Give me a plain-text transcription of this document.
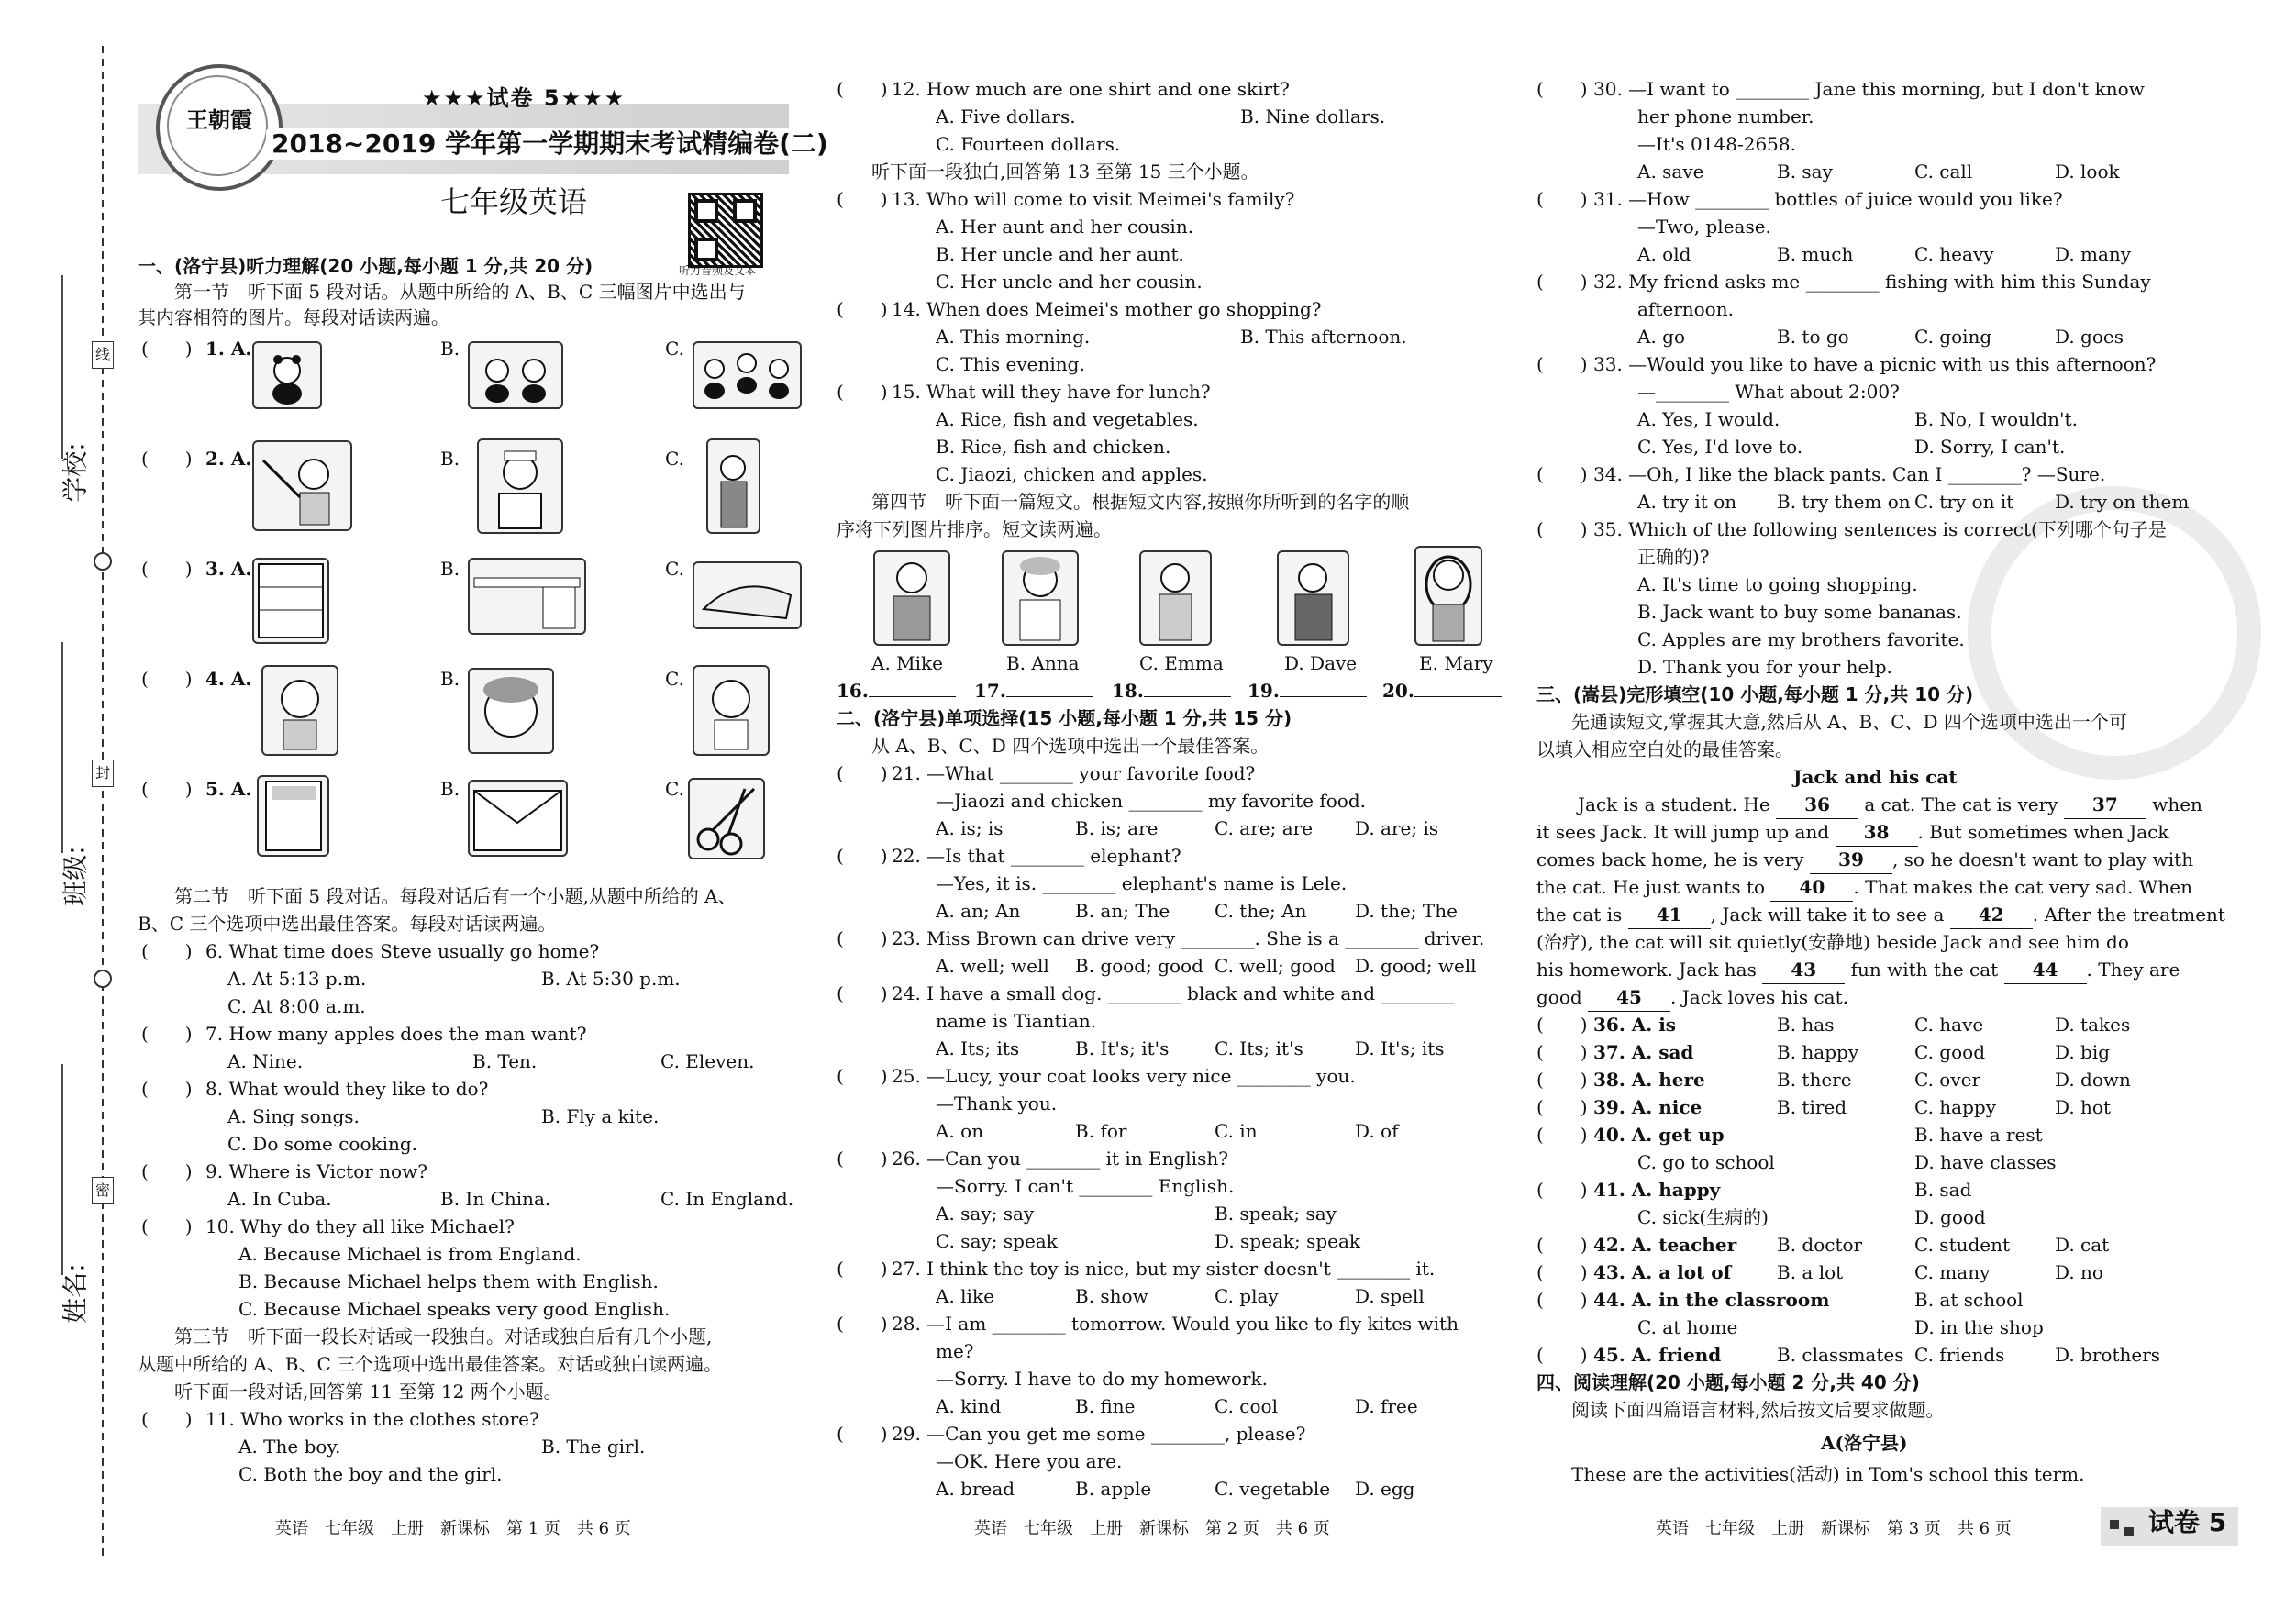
学校:
班级:
姓名:
线
封
密
王朝霞
★★★试卷 5★★★
2018~2019 学年第一学期期末考试精编卷(二)
七年级英语
听力音频及文本
一、(洛宁县)听力理解(20 小题,每小题 1 分,共 20 分)
第一节　听下面 5 段对话。从题中所给的 A、B、C 三幅图片中选出与
其内容相符的图片。每段对话读两遍。
(　　) 1. A.	B.	C.
(　　) 2. A.	B.	C.
(　　) 3. A.	B.	C.
(　　) 4. A.	B.	C.
(　　) 5. A.	B.	C.
第二节　听下面 5 段对话。每段对话后有一个小题,从题中所给的 A、
B、C 三个选项中选出最佳答案。每段对话读两遍。
(　　) 6. What time does Steve usually go home?
A. At 5:13 p.m.	B. At 5:30 p.m.
C. At 8:00 a.m.
(　　) 7. How many apples does the man want?
A. Nine.	B. Ten.	C. Eleven.
(　　) 8. What would they like to do?
A. Sing songs.	B. Fly a kite.
C. Do some cooking.
(　　) 9. Where is Victor now?
A. In Cuba.	B. In China.	C. In England.
(　　) 10. Why do they all like Michael?
A. Because Michael is from England.
B. Because Michael helps them with English.
C. Because Michael speaks very good English.
第三节　听下面一段长对话或一段独白。对话或独白后有几个小题,
从题中所给的 A、B、C 三个选项中选出最佳答案。对话或独白读两遍。
听下面一段对话,回答第 11 至第 12 两个小题。
(　　) 11. Who works in the clothes store?
A. The boy.	B. The girl.
C. Both the boy and the girl.
英语　七年级　上册　新课标　第 1 页　共 6 页
(　　) 12. How much are one shirt and one skirt?
A. Five dollars.	B. Nine dollars.
C. Fourteen dollars.
听下面一段独白,回答第 13 至第 15 三个小题。
(　　) 13. Who will come to visit Meimei's family?
A. Her aunt and her cousin.
B. Her uncle and her aunt.
C. Her uncle and her cousin.
(　　) 14. When does Meimei's mother go shopping?
A. This morning.	B. This afternoon.
C. This evening.
(　　) 15. What will they have for lunch?
A. Rice, fish and vegetables.
B. Rice, fish and chicken.
C. Jiaozi, chicken and apples.
第四节　听下面一篇短文。根据短文内容,按照你所听到的名字的顺
序将下列图片排序。短文读两遍。
A. Mike	B. Anna	C. Emma	D. Dave	E. Mary
16.	17.	18.	19.	20.
二、(洛宁县)单项选择(15 小题,每小题 1 分,共 15 分)
从 A、B、C、D 四个选项中选出一个最佳答案。
(　　) 21. —What ________ your favorite food?
—Jiaozi and chicken ________ my favorite food.
A. is; is	B. is; are	C. are; are D. are; is
(　　) 22. —Is that ________ elephant?
—Yes, it is. ________ elephant's name is Lele.
A. an; An	B. an; The C. the; An	D. the; The
(　　) 23. Miss Brown can drive very ________. She is a ________ driver.
A. well; well B. good; good C. well; good D. good; well
(　　) 24. I have a small dog. ________ black and white and ________
name is Tiantian.
A. Its; its	B. It's; it's C. Its; it's	D. It's; its
(　　) 25. —Lucy, your coat looks very nice ________ you.
—Thank you.
A. on	B. for	C. in	D. of
(　　) 26. —Can you ________ it in English?
—Sorry. I can't ________ English.
A. say; say	B. speak; say
C. say; speak	D. speak; speak
(　　) 27. I think the toy is nice, but my sister doesn't ________ it.
A. like	B. show	C. play	D. spell
(　　) 28. —I am ________ tomorrow. Would you like to fly kites with
me?
—Sorry. I have to do my homework.
A. kind	B. fine	C. cool	D. free
(　　) 29. —Can you get me some ________, please?
—OK. Here you are.
A. bread	B. apple	C. vegetable D. egg
英语　七年级　上册　新课标　第 2 页　共 6 页
(　　) 30. —I want to ________ Jane this morning, but I don't know
her phone number.
—It's 0148-2658.
A. save	B. say	C. call	D. look
(　　) 31. —How ________ bottles of juice would you like?
—Two, please.
A. old	B. much	C. heavy	D. many
(　　) 32. My friend asks me ________ fishing with him this Sunday
afternoon.
A. go	B. to go	C. going	D. goes
(　　) 33. —Would you like to have a picnic with us this afternoon?
—________ What about 2:00?
A. Yes, I would.	B. No, I wouldn't.
C. Yes, I'd love to.	D. Sorry, I can't.
(　　) 34. —Oh, I like the black pants. Can I ________? —Sure.
A. try it on B. try them on C. try on it D. try on them
(　　) 35. Which of the following sentences is correct(下列哪个句子是
正确的)?
A. It's time to going shopping.
B. Jack want to buy some bananas.
C. Apples are my brothers favorite.
D. Thank you for your help.
三、(嵩县)完形填空(10 小题,每小题 1 分,共 10 分)
先通读短文,掌握其大意,然后从 A、B、C、D 四个选项中选出一个可
以填入相应空白处的最佳答案。
Jack and his cat
Jack is a student. He 36 a cat. The cat is very 37 when
it sees Jack. It will jump up and 38 . But sometimes when Jack
comes back home, he is very 39 , so he doesn't want to play with
the cat. He just wants to 40 . That makes the cat very sad. When
the cat is 41 , Jack will take it to see a 42 . After the treatment
(治疗), the cat will sit quietly(安静地) beside Jack and see him do
his homework. Jack has 43 fun with the cat 44 . They are
good 45 . Jack loves his cat.
(　　) 36. A. is	B. has	C. have	D. takes
(　　) 37. A. sad	B. happy	C. good	D. big
(　　) 38. A. here	B. there	C. over	D. down
(　　) 39. A. nice	B. tired	C. happy	D. hot
(　　) 40. A. get up	B. have a rest
C. go to school	D. have classes
(　　) 41. A. happy	B. sad
C. sick(生病的)	D. good
(　　) 42. A. teacher B. doctor	C. student D. cat
(　　) 43. A. a lot of B. a lot	C. many	D. no
(　　) 44. A. in the classroom	B. at school
C. at home	D. in the shop
(　　) 45. A. friend	B. classmates C. friends	D. brothers
四、阅读理解(20 小题,每小题 2 分,共 40 分)
阅读下面四篇语言材料,然后按文后要求做题。
A(洛宁县)
These are the activities(活动) in Tom's school this term.
英语　七年级　上册　新课标　第 3 页　共 6 页	试卷 5
